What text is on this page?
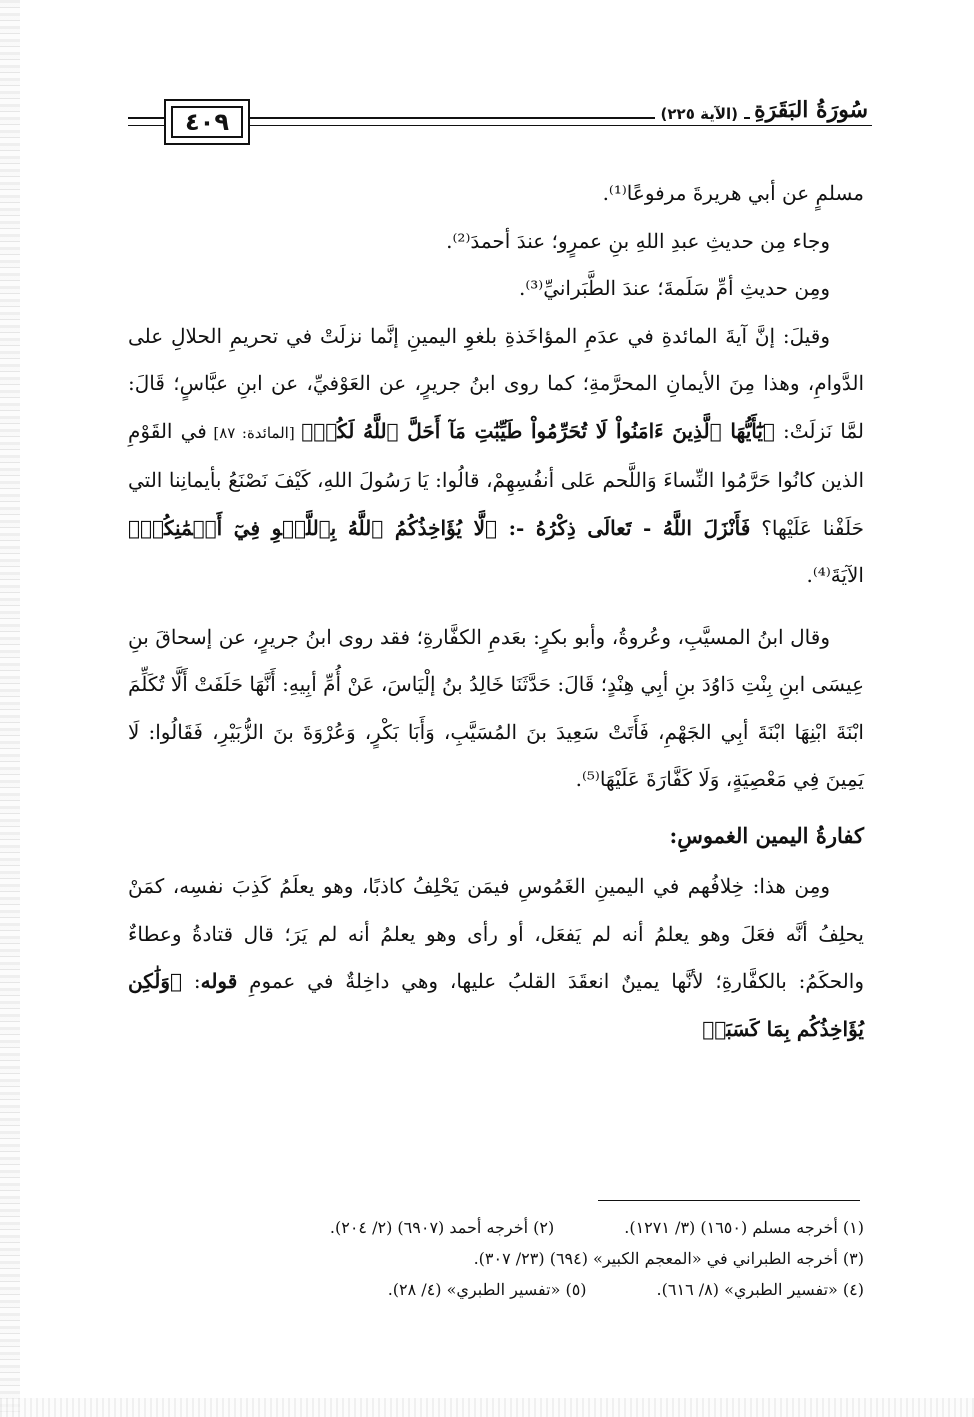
٤٠٩	(الآية ٢٢٥) سُورَةُ البَقَرَةِ

مسلمٍ عن أبي هريرةَ مرفوعًا⁽¹⁾.

وجاء مِن حديثِ عبدِ اللهِ بنِ عمرٍو؛ عندَ أحمدَ⁽²⁾.

ومِن حديثِ أمِّ سَلَمةَ؛ عندَ الطَّبَرانيِّ⁽³⁾.

وقيلَ: إنَّ آيةَ المائدةِ في عدَمِ المؤاخَذةِ بلغوِ اليمينِ إنَّما نزلَتْ في تحريمِ الحلالِ على الدَّوامِ، وهذا مِنَ الأيمانِ المحرَّمةِ؛ كما روى ابنُ جريرٍ، عن العَوْفيِّ، عن ابنِ عبَّاسٍ؛ قَالَ: لمَّا نَزلَتْ: ﴿يَٰٓأَيُّهَا ٱلَّذِينَ ءَامَنُواْ لَا تُحَرِّمُواْ طَيِّبَٰتِ مَآ أَحَلَّ ٱللَّهُ لَكُمۡ﴾ [المائدة: ٨٧] في القَوْمِ الذين كانُوا حَرَّمُوا النِّساءَ وَاللَّحم عَلى أنفُسِهِمْ، قالُوا: يَا رَسُولَ اللهِ، كَيْفَ نَصْنَعُ بأيمانِنا التي حَلَفْنا عَلَيْها؟ فَأَنْزَلَ اللَّهُ - تَعالَى ذِكْرُهُ -: ﴿لَّا يُؤَاخِذُكُمُ ٱللَّهُ بِٱللَّغۡوِ فِيٓ أَيۡمَٰنِكُمۡ﴾ الآيَةَ⁽⁴⁾.

وقال ابنُ المسيَّبِ، وعُروةُ، وأبو بكرٍ: بعَدمِ الكفَّارةِ؛ فقد روى ابنُ جريرٍ، عن إسحاقَ بنِ عِيسَى ابنِ بِنْتِ دَاوُدَ بنِ أبِي هِنْدٍ؛ قَالَ: حَدَّثَنَا خَالِدُ بنُ إلْيَاسَ، عَنْ أُمِّ أبِيهِ: أَنَّهَا حَلَفَتْ أَلَّا تُكَلِّمَ ابْنَةَ ابْنِهَا ابْنَةَ أبِي الجَهْمِ، فَأَتَتْ سَعِيدَ بنَ المُسَيَّبِ، وَأَبَا بَكْرٍ، وَعُرْوَةَ بنَ الزُّبَيْرِ، فَقَالُوا: لَا يَمِينَ فِي مَعْصِيَةٍ، وَلَا كَفَّارَةَ عَلَيْهَا⁽⁵⁾.

كفارةُ اليمين الغموسِ:

ومِن هذا: خِلافُهم في اليمينِ الغَمُوسِ فيمَن يَحْلِفُ كاذبًا، وهو يعلَمُ كَذِبَ نفسِه، كمَنْ يحلِفُ أنَّه فعَلَ وهو يعلمُ أنه لم يَفعَل، أو رأى وهو يعلمُ أنه لم يَرَ؛ قال قتادةُ وعطاءٌ والحكَمُ: بالكفَّارةِ؛ لأنَّها يمينٌ انعقَدَ القلبُ عليها، وهي داخِلةٌ في عمومِ قوله: ﴿وَلَٰكِن يُؤَاخِذُكُم بِمَا كَسَبَتۡ

(١) أخرجه مسلم (١٦٥٠) (٣/ ١٢٧١).(٢) أخرجه أحمد (٦٩٠٧) (٢/ ٢٠٤).
(٣) أخرجه الطبراني في «المعجم الكبير» (٦٩٤) (٢٣/ ٣٠٧).
(٤) «تفسير الطبري» (٨/ ٦١٦).(٥) «تفسير الطبري» (٤/ ٢٨).
